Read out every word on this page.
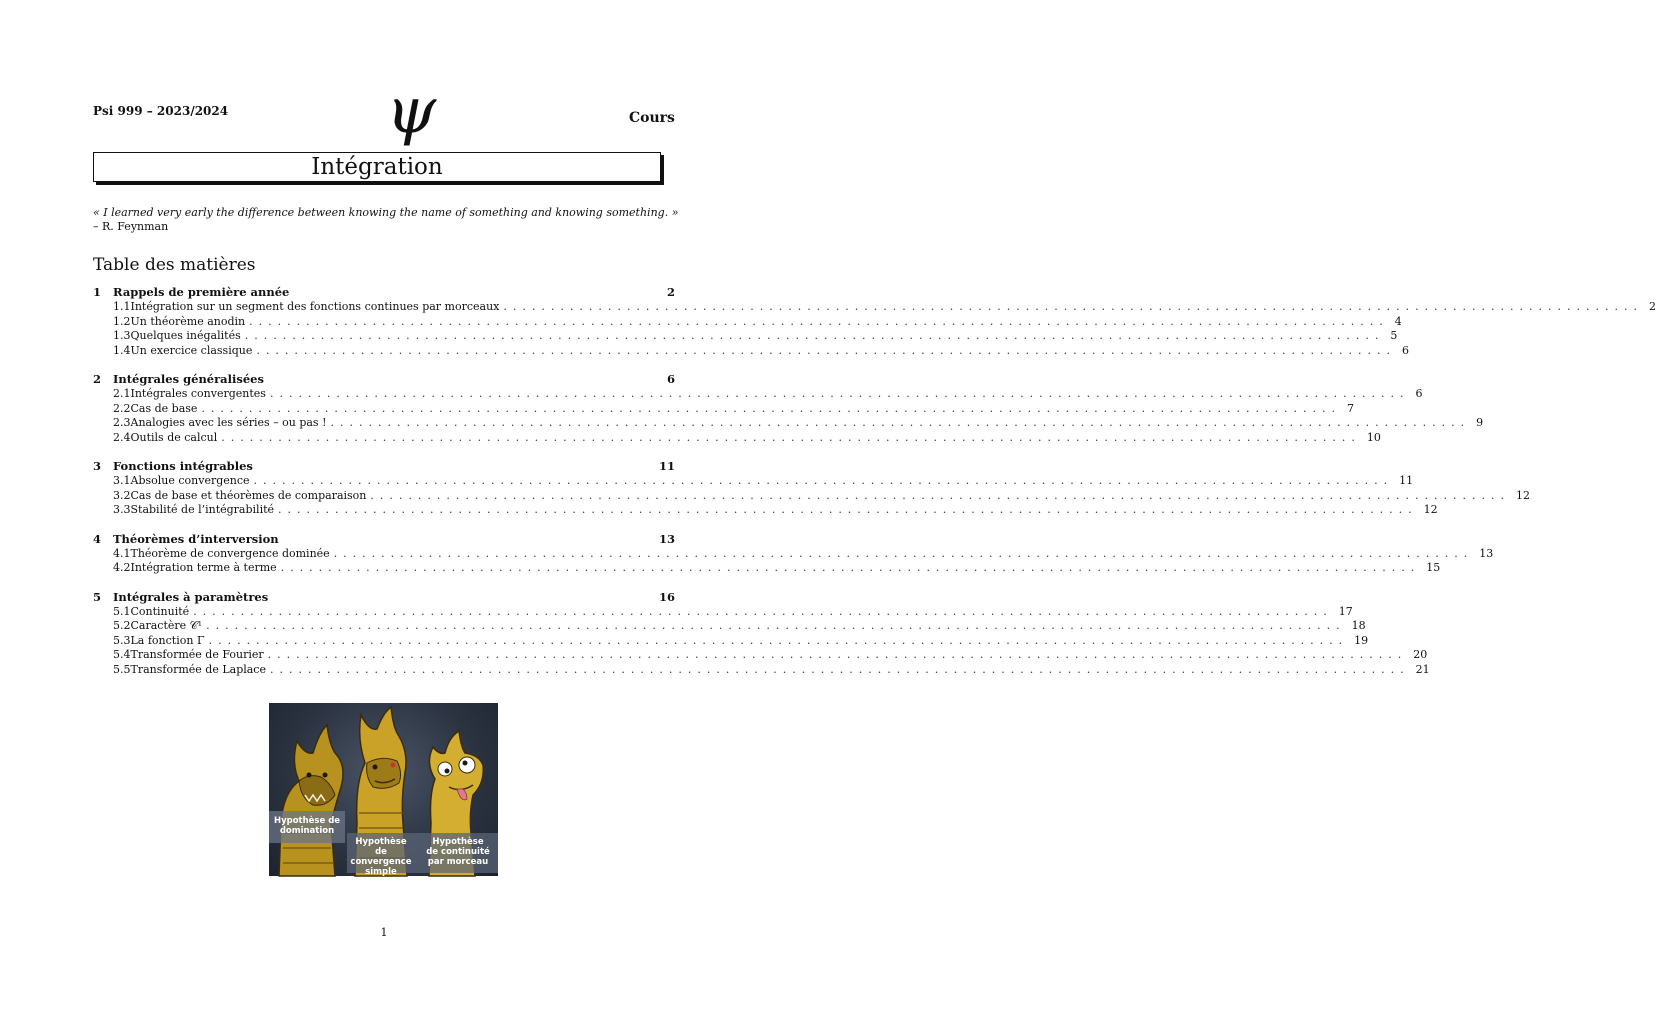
Psi 999 – 2023/2024 ψ	Cours
Intégration
« I learned very early the difference between knowing the name of something and knowing something. »
– R. Feynman
Table des matières
1	Rappels de première année	2
1.1 Intégration sur un segment des fonctions continues par morceaux ........................................................................................................................ 2
1.2 Un théorème anodin ........................................................................................................................ 4
1.3 Quelques inégalités ........................................................................................................................ 5
1.4 Un exercice classique ........................................................................................................................ 6
2	Intégrales généralisées	6
2.1 Intégrales convergentes ........................................................................................................................ 6
2.2 Cas de base ........................................................................................................................ 7
2.3 Analogies avec les séries – ou pas ! ........................................................................................................................ 9
2.4 Outils de calcul ........................................................................................................................ 10
3	Fonctions intégrables	11
3.1 Absolue convergence ........................................................................................................................ 11
3.2 Cas de base et théorèmes de comparaison ........................................................................................................................ 12
3.3 Stabilité de l’intégrabilité ........................................................................................................................ 12
4	Théorèmes d’interversion	13
4.1 Théorème de convergence dominée ........................................................................................................................ 13
4.2 Intégration terme à terme ........................................................................................................................ 15
5	Intégrales à paramètres	16
5.1 Continuité ........................................................................................................................ 17
5.2 Caractère 𝒞¹ ........................................................................................................................ 18
5.3 La fonction Γ ........................................................................................................................ 19
5.4 Transformée de Fourier ........................................................................................................................ 20
5.5 Transformée de Laplace ........................................................................................................................ 21
Hypothèse de domination
Hypothèse de convergence simple
Hypothèse de continuité par morceau
1
